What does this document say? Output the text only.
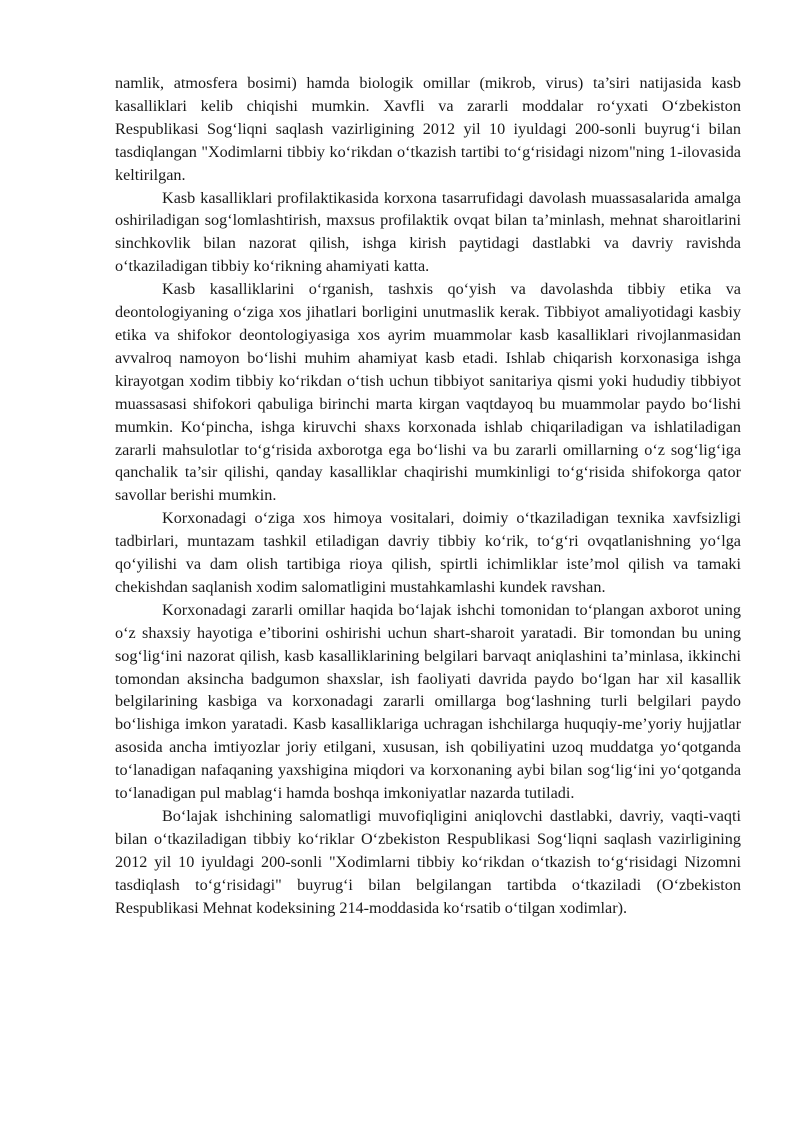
namlik, atmosfera bosimi) hamda biologik omillar (mikrob, virus) ta’siri natijasida kasb kasalliklari kelib chiqishi mumkin. Xavfli va zararli moddalar ro‘yxati O‘zbekiston Respublikasi Sog‘liqni saqlash vazirligining 2012 yil 10 iyuldagi 200-sonli buyrug‘i bilan tasdiqlangan "Xodimlarni tibbiy ko‘rikdan o‘tkazish tartibi to‘g‘risidagi nizom"ning 1-ilovasida keltirilgan.

Kasb kasalliklari profilaktikasida korxona tasarrufidagi davolash muassasalarida amalga oshiriladigan sog‘lomlashtirish, maxsus profilaktik ovqat bilan ta’minlash, mehnat sharoitlarini sinchkovlik bilan nazorat qilish, ishga kirish paytidagi dastlabki va davriy ravishda o‘tkaziladigan tibbiy ko‘rikning ahamiyati katta.

Kasb kasalliklarini o‘rganish, tashxis qo‘yish va davolashda tibbiy etika va deontologiyaning o‘ziga xos jihatlari borligini unutmaslik kerak. Tibbiyot amaliyotidagi kasbiy etika va shifokor deontologiyasiga xos ayrim muammolar kasb kasalliklari rivojlanmasidan avvalroq namoyon bo‘lishi muhim ahamiyat kasb etadi. Ishlab chiqarish korxonasiga ishga kirayotgan xodim tibbiy ko‘rikdan o‘tish uchun tibbiyot sanitariya qismi yoki hududiy tibbiyot muassasasi shifokori qabuliga birinchi marta kirgan vaqtdayoq bu muammolar paydo bo‘lishi mumkin. Ko‘pincha, ishga kiruvchi shaxs korxonada ishlab chiqariladigan va ishlatiladigan zararli mahsulotlar to‘g‘risida axborotga ega bo‘lishi va bu zararli omillarning o‘z sog‘lig‘iga qanchalik ta’sir qilishi, qanday kasalliklar chaqirishi mumkinligi to‘g‘risida shifokorga qator savollar berishi mumkin.

Korxonadagi o‘ziga xos himoya vositalari, doimiy o‘tkaziladigan texnika xavfsizligi tadbirlari, muntazam tashkil etiladigan davriy tibbiy ko‘rik, to‘g‘ri ovqatlanishning yo‘lga qo‘yilishi va dam olish tartibiga rioya qilish, spirtli ichimliklar iste’mol qilish va tamaki chekishdan saqlanish xodim salomatligini mustahkamlashi kundek ravshan.

Korxonadagi zararli omillar haqida bo‘lajak ishchi tomonidan to‘plangan axborot uning o‘z shaxsiy hayotiga e’tiborini oshirishi uchun shart-sharoit yaratadi. Bir tomondan bu uning sog‘lig‘ini nazorat qilish, kasb kasalliklarining belgilari barvaqt aniqlashini ta’minlasa, ikkinchi tomondan aksincha badgumon shaxslar, ish faoliyati davrida paydo bo‘lgan har xil kasallik belgilarining kasbiga va korxonadagi zararli omillarga bog‘lashning turli belgilari paydo bo‘lishiga imkon yaratadi. Kasb kasalliklariga uchragan ishchilarga huquqiy-me’yoriy hujjatlar asosida ancha imtiyozlar joriy etilgani, xususan, ish qobiliyatini uzoq muddatga yo‘qotganda to‘lanadigan nafaqaning yaxshigina miqdori va korxonaning aybi bilan sog‘lig‘ini yo‘qotganda to‘lanadigan pul mablag‘i hamda boshqa imkoniyatlar nazarda tutiladi.

Bo‘lajak ishchining salomatligi muvofiqligini aniqlovchi dastlabki, davriy, vaqti-vaqti bilan o‘tkaziladigan tibbiy ko‘riklar O‘zbekiston Respublikasi Sog‘liqni saqlash vazirligining 2012 yil 10 iyuldagi 200-sonli "Xodimlarni tibbiy ko‘rikdan o‘tkazish to‘g‘risidagi Nizomni tasdiqlash to‘g‘risidagi" buyrug‘i bilan belgilangan tartibda o‘tkaziladi (O‘zbekiston Respublikasi Mehnat kodeksining 214-moddasida ko‘rsatib o‘tilgan xodimlar).
